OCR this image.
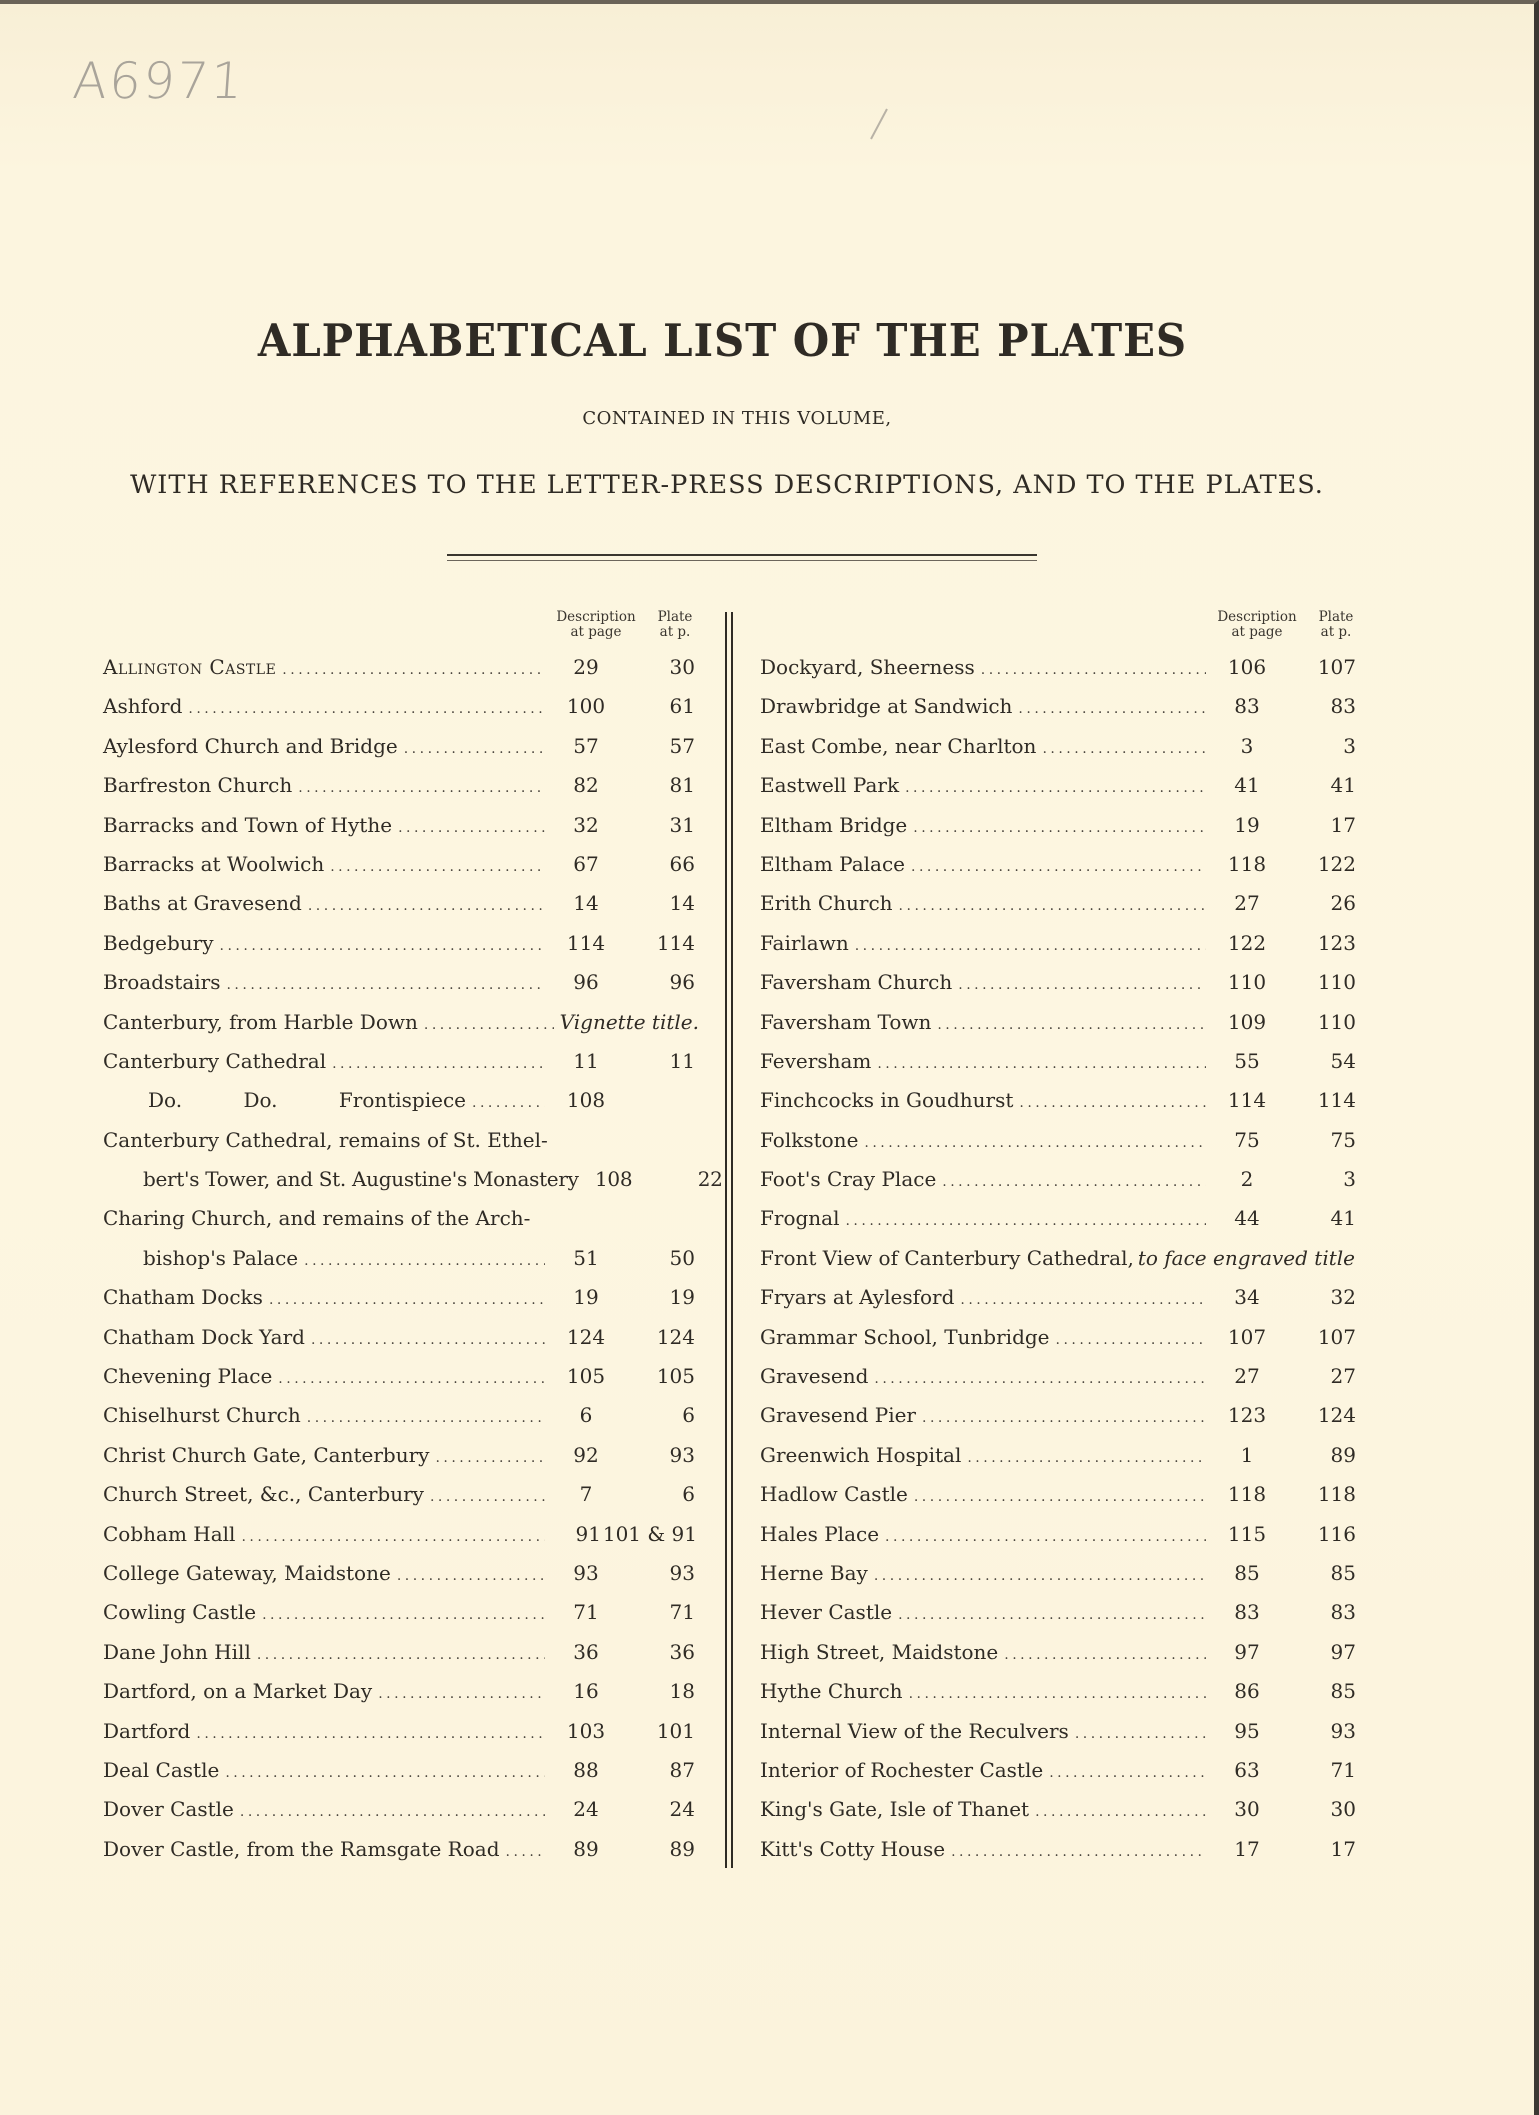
A6971
ALPHABETICAL LIST OF THE PLATES
CONTAINED IN THIS VOLUME,
WITH REFERENCES TO THE LETTER-PRESS DESCRIPTIONS, AND TO THE PLATES.
Description
at page
Plate
at p.
Allington Castle .....	29	30
Ashford .....	100	61
Aylesford Church and Bridge .....	57	57
Barfreston Church .....	82	81
Barracks and Town of Hythe .....	32	31
Barracks at Woolwich .....	67	66
Baths at Gravesend .....	14	14
Bedgebury .....	114	114
Broadstairs .....	96	96
Canterbury, from Harble Down .....	Vignette title.
Canterbury Cathedral .....	11	11
Do. Do. Frontispiece .....	108
Canterbury Cathedral, remains of St. Ethel-
bert's Tower, and St. Augustine's Monastery 108	22
Charing Church, and remains of the Arch-
bishop's Palace .....	51	50
Chatham Docks .....	19	19
Chatham Dock Yard .....	124	124
Chevening Place .....	105	105
Chiselhurst Church .....	6	6
Christ Church Gate, Canterbury .....	92	93
Church Street, &c., Canterbury .....	7	6
Cobham Hall .....	91 101 & 91
College Gateway, Maidstone .....	93	93
Cowling Castle .....	71	71
Dane John Hill .....	36	36
Dartford, on a Market Day .....	16	18
Dartford .....	103	101
Deal Castle .....	88	87
Dover Castle .....	24	24
Dover Castle, from the Ramsgate Road .....	89	89
Description
at page
Plate
at p.
Dockyard, Sheerness .....	106	107
Drawbridge at Sandwich .....	83	83
East Combe, near Charlton .....	3	3
Eastwell Park .....	41	41
Eltham Bridge .....	19	17
Eltham Palace .....	118	122
Erith Church .....	27	26
Fairlawn .....	122	123
Faversham Church .....	110	110
Faversham Town .....	109	110
Feversham .....	55	54
Finchcocks in Goudhurst .....	114	114
Folkstone .....	75	75
Foot's Cray Place .....	2	3
Frognal .....	44	41
Front View of Canterbury Cathedral, to face engraved title
Fryars at Aylesford .....	34	32
Grammar School, Tunbridge .....	107	107
Gravesend .....	27	27
Gravesend Pier .....	123	124
Greenwich Hospital .....	1	89
Hadlow Castle .....	118	118
Hales Place .....	115	116
Herne Bay .....	85	85
Hever Castle .....	83	83
High Street, Maidstone .....	97	97
Hythe Church .....	86	85
Internal View of the Reculvers .....	95	93
Interior of Rochester Castle .....	63	71
King's Gate, Isle of Thanet .....	30	30
Kitt's Cotty House .....	17	17
